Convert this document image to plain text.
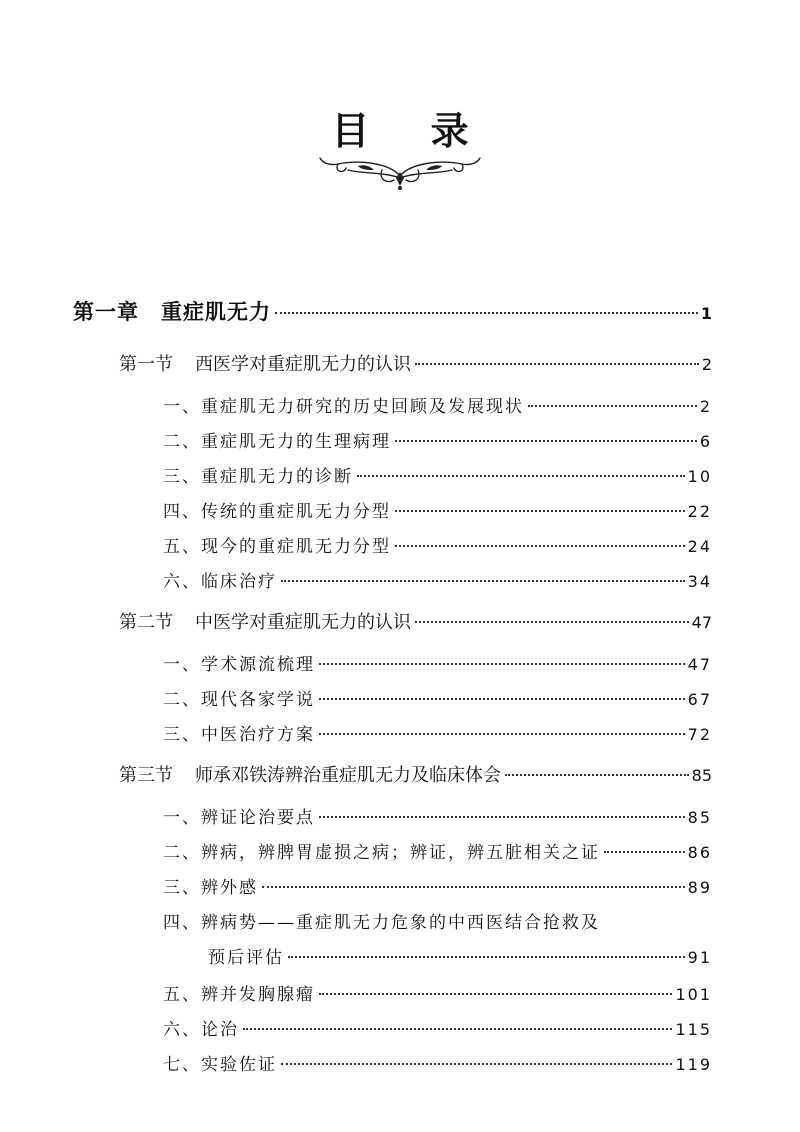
目 录
第一章 重症肌无力	1
第一节 西医学对重症肌无力的认识	2
一、重症肌无力研究的历史回顾及发展现状	2
二、重症肌无力的生理病理	6
三、重症肌无力的诊断	10
四、传统的重症肌无力分型	22
五、现今的重症肌无力分型	24
六、临床治疗	34
第二节 中医学对重症肌无力的认识	47
一、学术源流梳理	47
二、现代各家学说	67
三、中医治疗方案	72
第三节 师承邓铁涛辨治重症肌无力及临床体会	85
一、辨证论治要点	85
二、辨病，辨脾胃虚损之病；辨证，辨五脏相关之证	86
三、辨外感	89
四、辨病势——重症肌无力危象的中西医结合抢救及
预后评估	91
五、辨并发胸腺瘤	101
六、论治	115
七、实验佐证	119
